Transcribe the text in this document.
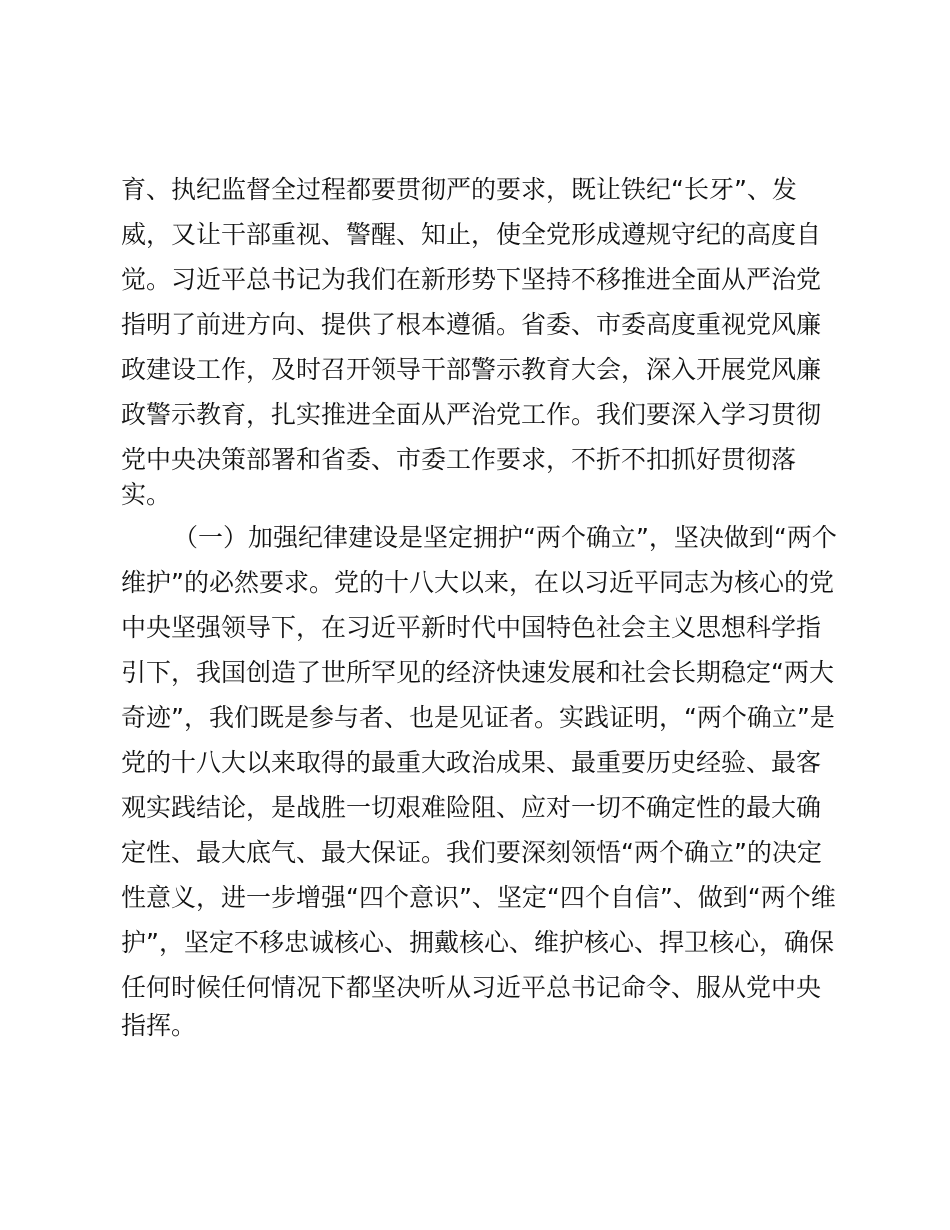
育、执纪监督全过程都要贯彻严的要求，既让铁纪“长牙”、发
威，又让干部重视、警醒、知止，使全党形成遵规守纪的高度自
觉。习近平总书记为我们在新形势下坚持不移推进全面从严治党
指明了前进方向、提供了根本遵循。省委、市委高度重视党风廉
政建设工作，及时召开领导干部警示教育大会，深入开展党风廉
政警示教育，扎实推进全面从严治党工作。我们要深入学习贯彻
党中央决策部署和省委、市委工作要求，不折不扣抓好贯彻落
实。
（一）加强纪律建设是坚定拥护“两个确立”，坚决做到“两个
维护”的必然要求。党的十八大以来，在以习近平同志为核心的党
中央坚强领导下，在习近平新时代中国特色社会主义思想科学指
引下，我国创造了世所罕见的经济快速发展和社会长期稳定“两大
奇迹”，我们既是参与者、也是见证者。实践证明，“两个确立”是
党的十八大以来取得的最重大政治成果、最重要历史经验、最客
观实践结论，是战胜一切艰难险阻、应对一切不确定性的最大确
定性、最大底气、最大保证。我们要深刻领悟“两个确立”的决定
性意义，进一步增强“四个意识”、坚定“四个自信”、做到“两个维
护”，坚定不移忠诚核心、拥戴核心、维护核心、捍卫核心，确保
任何时候任何情况下都坚决听从习近平总书记命令、服从党中央
指挥。
